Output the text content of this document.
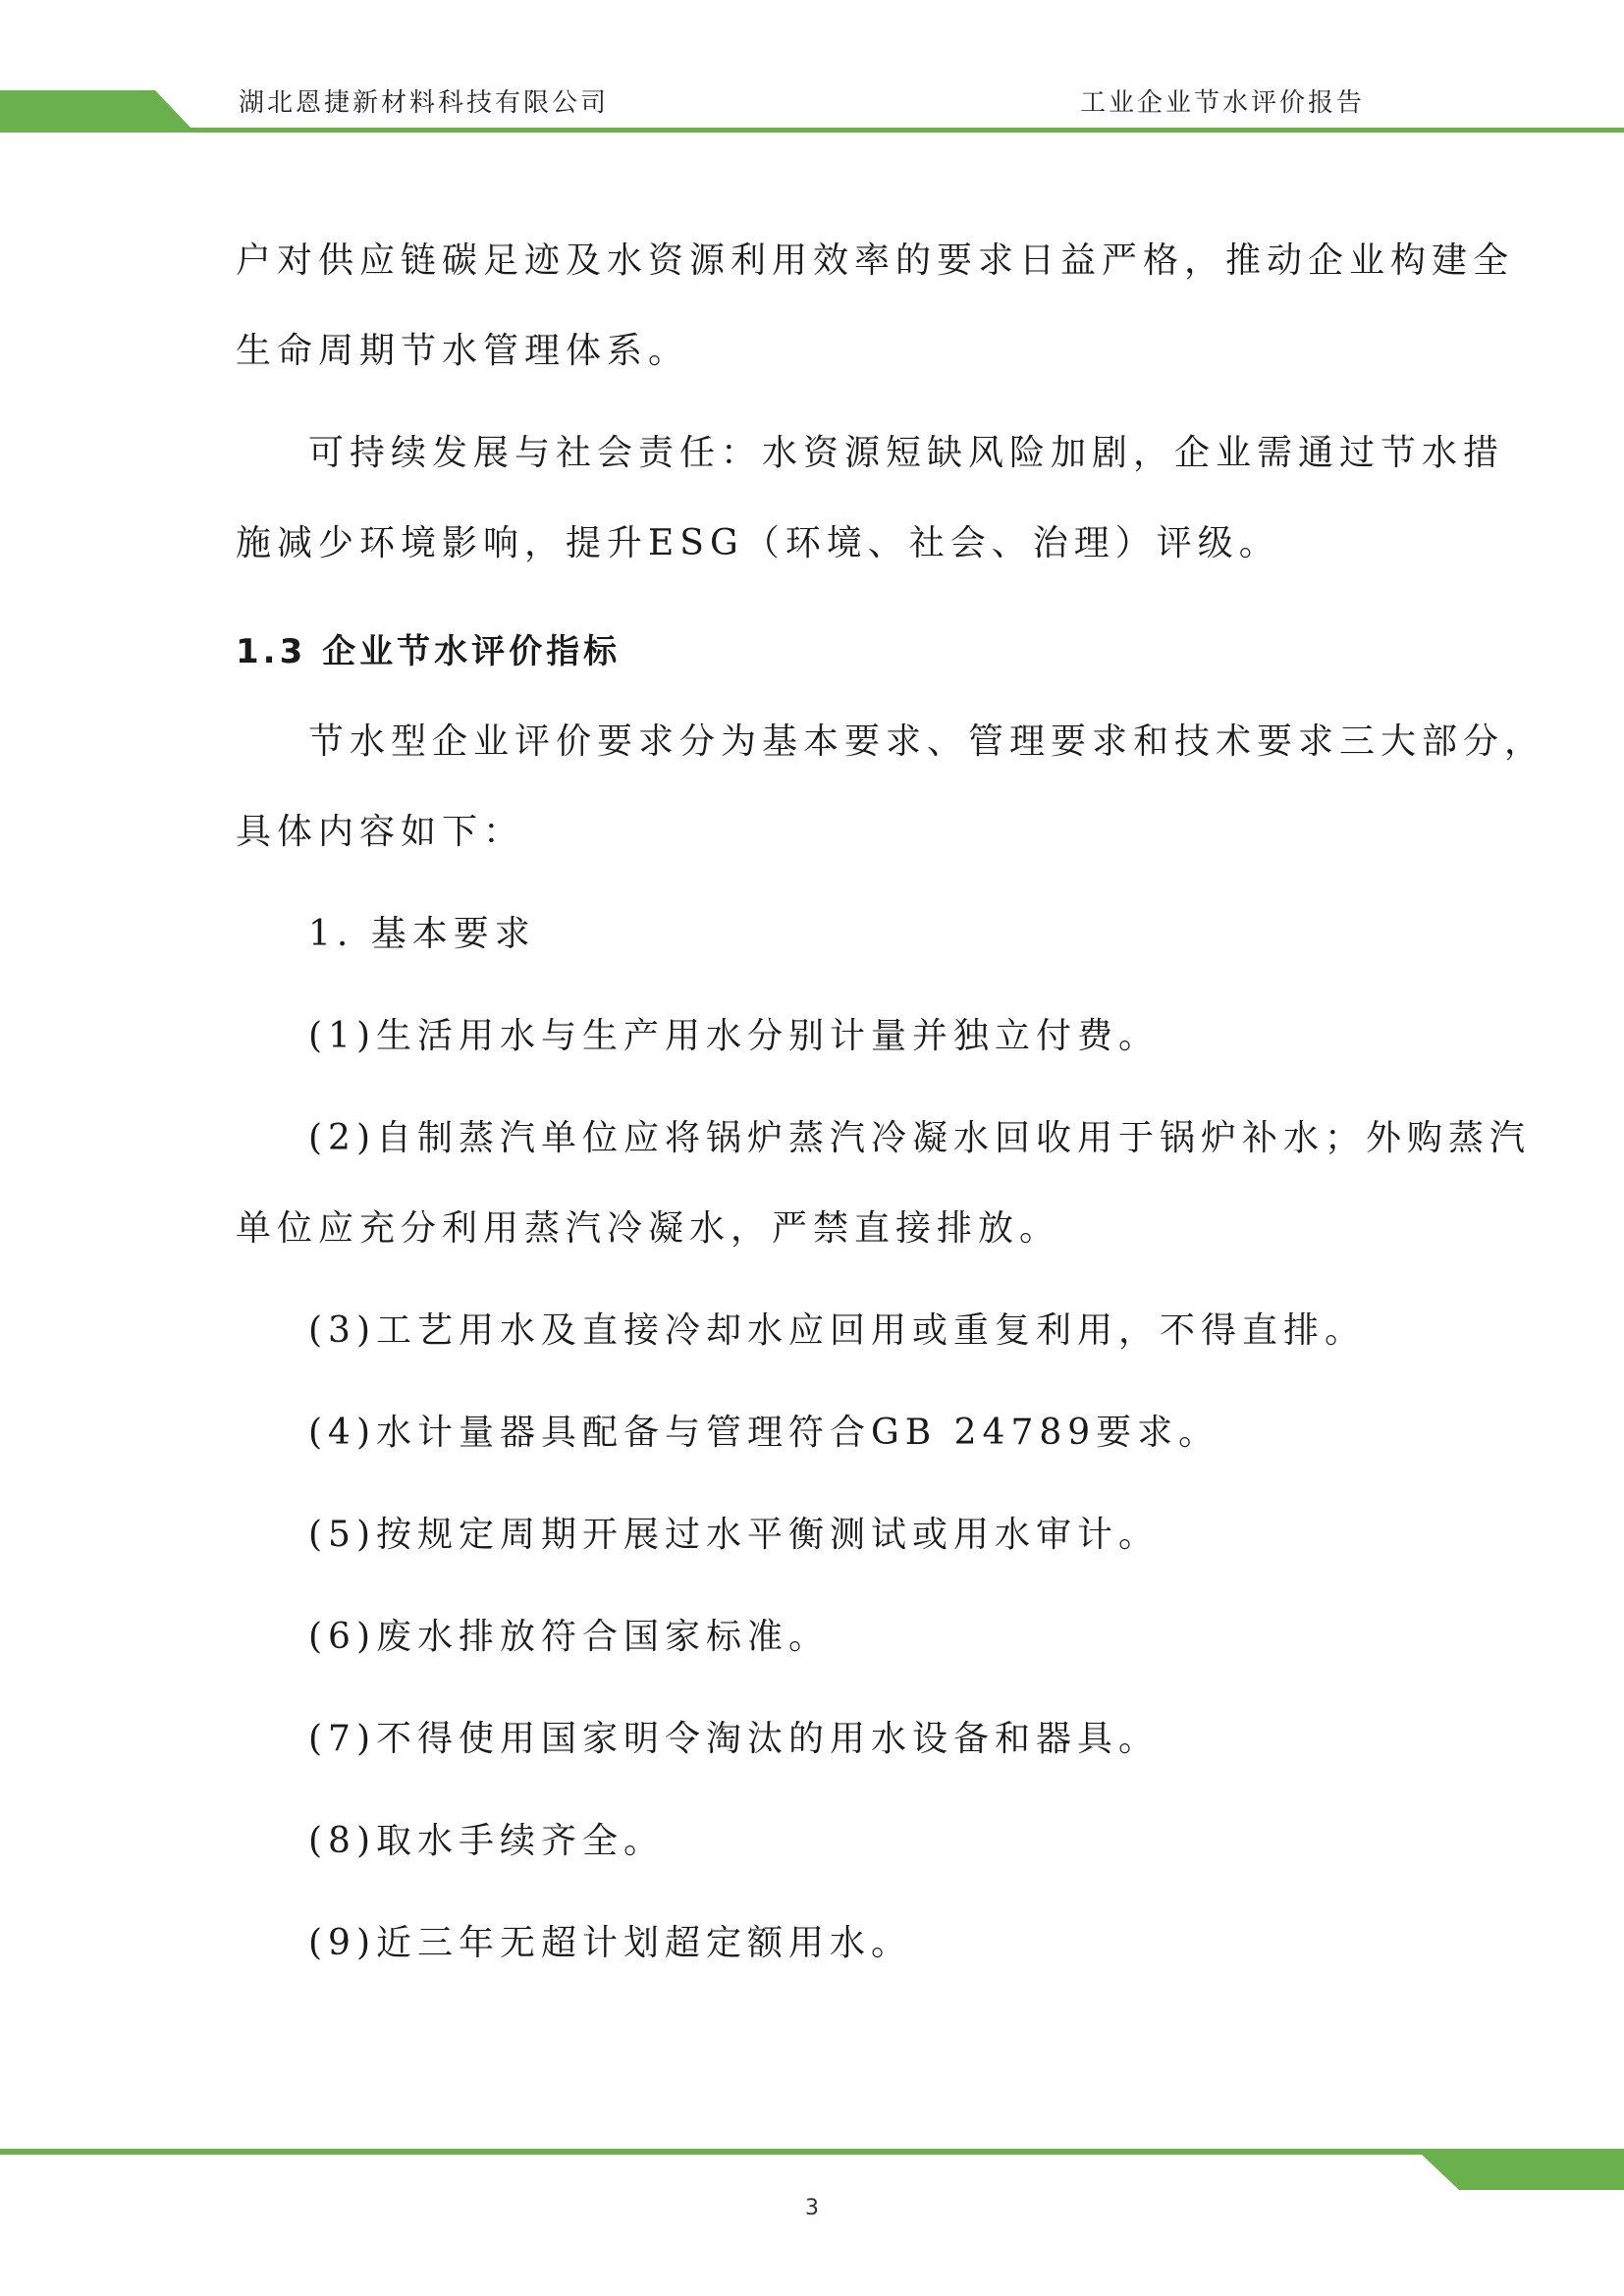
湖北恩捷新材料科技有限公司	工业企业节水评价报告

户对供应链碳足迹及水资源利用效率的要求日益严格，推动企业构建全

生命周期节水管理体系。

可持续发展与社会责任：水资源短缺风险加剧，企业需通过节水措

施减少环境影响，提升ESG（环境、社会、治理）评级。

1.3 企业节水评价指标

节水型企业评价要求分为基本要求、管理要求和技术要求三大部分，

具体内容如下：

1. 基本要求

(1)生活用水与生产用水分别计量并独立付费。

(2)自制蒸汽单位应将锅炉蒸汽冷凝水回收用于锅炉补水；外购蒸汽

单位应充分利用蒸汽冷凝水，严禁直接排放。

(3)工艺用水及直接冷却水应回用或重复利用，不得直排。

(4)水计量器具配备与管理符合GB 24789要求。

(5)按规定周期开展过水平衡测试或用水审计。

(6)废水排放符合国家标准。

(7)不得使用国家明令淘汰的用水设备和器具。

(8)取水手续齐全。

(9)近三年无超计划超定额用水。

3
